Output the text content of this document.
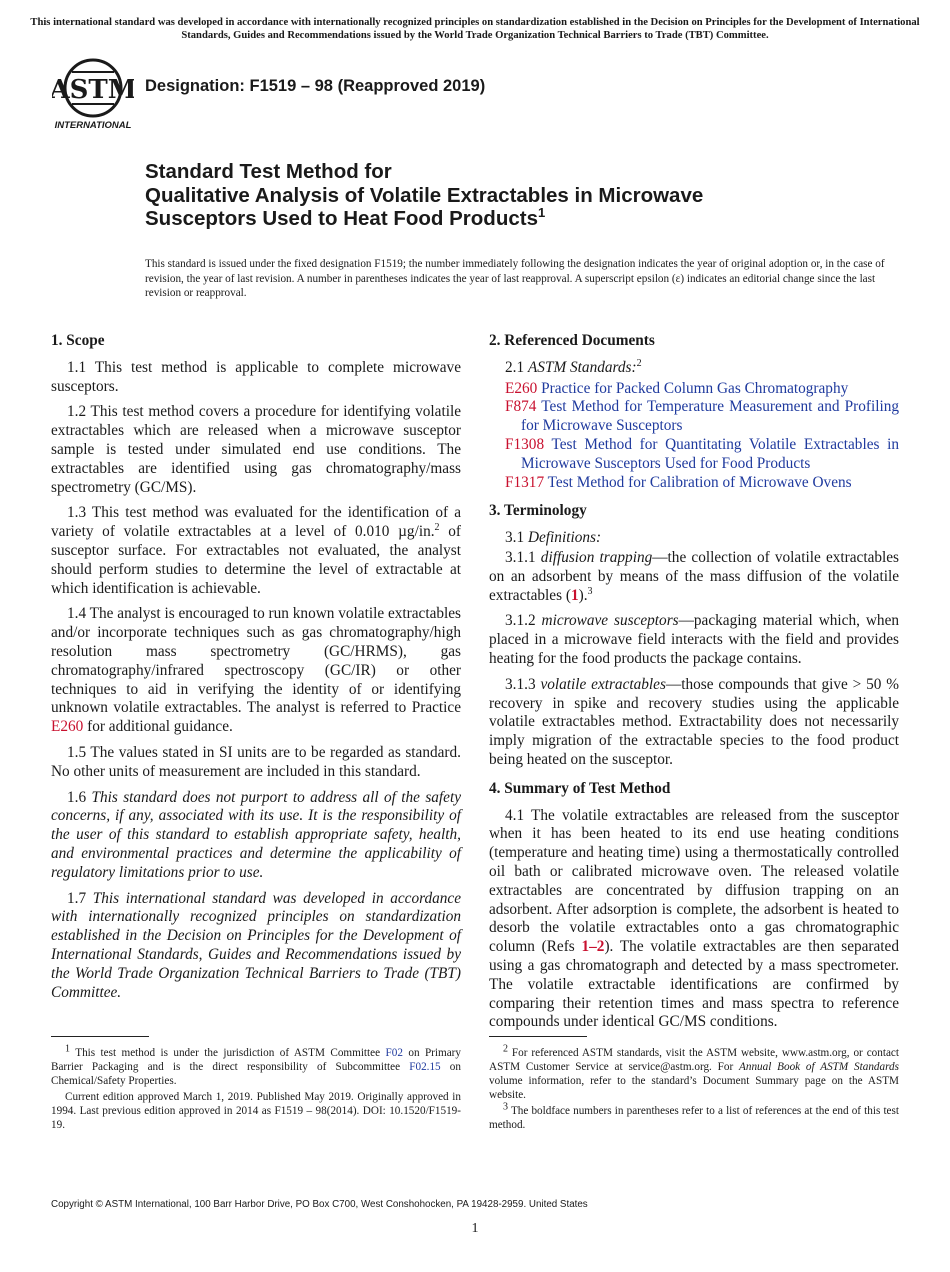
This international standard was developed in accordance with internationally recognized principles on standardization established in the Decision on Principles for the Development of International Standards, Guides and Recommendations issued by the World Trade Organization Technical Barriers to Trade (TBT) Committee.
ASTM
INTERNATIONAL
Designation: F1519 – 98 (Reapproved 2019)
Standard Test Method for
Qualitative Analysis of Volatile Extractables in Microwave
Susceptors Used to Heat Food Products$^1$
This standard is issued under the fixed designation F1519; the number immediately following the designation indicates the year of original adoption or, in the case of revision, the year of last revision. A number in parentheses indicates the year of last reapproval. A superscript epsilon (ε) indicates an editorial change since the last revision or reapproval.
1. Scope

1.1 This test method is applicable to complete microwave susceptors.

1.2 This test method covers a procedure for identifying volatile extractables which are released when a microwave susceptor sample is tested under simulated end use conditions. The extractables are identified using gas chromatography/mass spectrometry (GC/MS).

1.3 This test method was evaluated for the identification of a variety of volatile extractables at a level of 0.010 µg/in.$^2$ of susceptor surface. For extractables not evaluated, the analyst should perform studies to determine the level of extractable at which identification is achievable.

1.4 The analyst is encouraged to run known volatile extractables and/or incorporate techniques such as gas chromatography/high resolution mass spectrometry (GC/HRMS), gas chromatography/infrared spectroscopy (GC/IR) or other techniques to aid in verifying the identity of or identifying unknown volatile extractables. The analyst is referred to Practice E260 for additional guidance.

1.5 The values stated in SI units are to be regarded as standard. No other units of measurement are included in this standard.

1.6 This standard does not purport to address all of the safety concerns, if any, associated with its use. It is the responsibility of the user of this standard to establish appropriate safety, health, and environmental practices and determine the applicability of regulatory limitations prior to use.

1.7 This international standard was developed in accordance with internationally recognized principles on standardization established in the Decision on Principles for the Development of International Standards, Guides and Recommendations issued by the World Trade Organization Technical Barriers to Trade (TBT) Committee.

2. Referenced Documents

2.1 ASTM Standards:$^2$

E260 Practice for Packed Column Gas Chromatography
F874 Test Method for Temperature Measurement and Profiling for Microwave Susceptors
F1308 Test Method for Quantitating Volatile Extractables in Microwave Susceptors Used for Food Products
F1317 Test Method for Calibration of Microwave Ovens
3. Terminology

3.1 Definitions:

3.1.1 diffusion trapping—the collection of volatile extractables on an adsorbent by means of the mass diffusion of the volatile extractables (1).$^3$

3.1.2 microwave susceptors—packaging material which, when placed in a microwave field interacts with the field and provides heating for the food products the package contains.

3.1.3 volatile extractables—those compounds that give > 50 % recovery in spike and recovery studies using the applicable volatile extractables method. Extractability does not necessarily imply migration of the extractable species to the food product being heated on the susceptor.

4. Summary of Test Method

4.1 The volatile extractables are released from the susceptor when it has been heated to its end use heating conditions (temperature and heating time) using a thermostatically controlled oil bath or calibrated microwave oven. The released volatile extractables are concentrated by diffusion trapping on an adsorbent. After adsorption is complete, the adsorbent is heated to desorb the volatile extractables onto a gas chromatographic column (Refs 1–2). The volatile extractables are then separated using a gas chromatograph and detected by a mass spectrometer. The volatile extractable identifications are confirmed by comparing their retention times and mass spectra to reference compounds under identical GC/MS conditions.

$^1$ This test method is under the jurisdiction of ASTM Committee F02 on Primary Barrier Packaging and is the direct responsibility of Subcommittee F02.15 on Chemical/Safety Properties.

Current edition approved March 1, 2019. Published May 2019. Originally approved in 1994. Last previous edition approved in 2014 as F1519 – 98(2014). DOI: 10.1520/F1519-19.

$^2$ For referenced ASTM standards, visit the ASTM website, www.astm.org, or contact ASTM Customer Service at service@astm.org. For Annual Book of ASTM Standards volume information, refer to the standard’s Document Summary page on the ASTM website.

$^3$ The boldface numbers in parentheses refer to a list of references at the end of this test method.

Copyright © ASTM International, 100 Barr Harbor Drive, PO Box C700, West Conshohocken, PA 19428-2959. United States
1
